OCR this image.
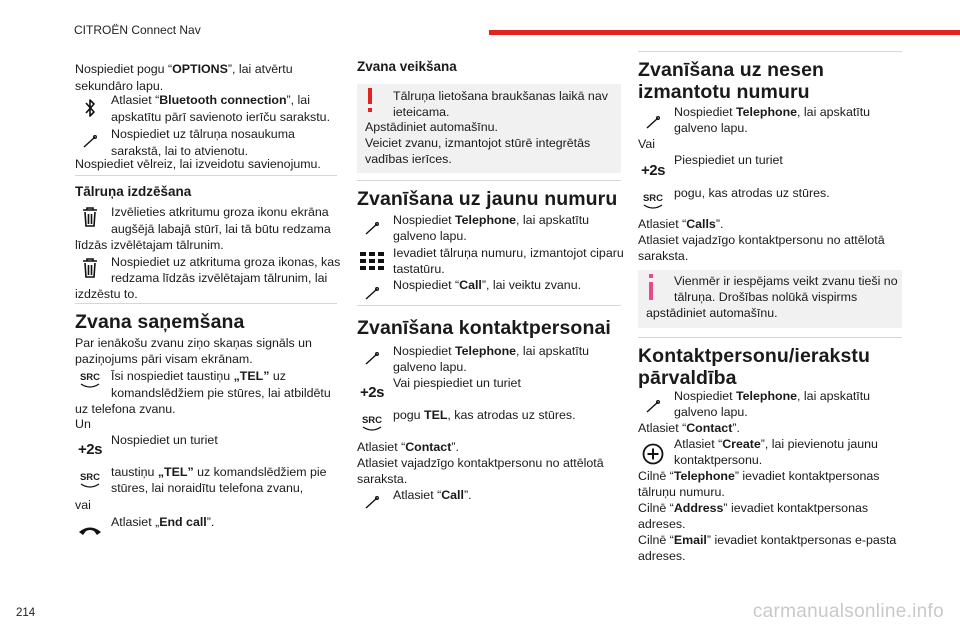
CITROËN Connect Nav
214	carmanualsonline.info
Nospiediet pogu “OPTIONS”, lai atvērtu
sekundāro lapu.
Atlasiet “Bluetooth connection”, lai
apskatītu pārī savienoto ierīču sarakstu.
Nospiediet uz tālruņa nosaukuma
sarakstā, lai to atvienotu.
Nospiediet vēlreiz, lai izveidotu savienojumu.
Tālruņa izdzēšana
Izvēlieties atkritumu groza ikonu ekrāna
augšējā labajā stūrī, lai tā būtu redzama
līdzās izvēlētajam tālrunim.
Nospiediet uz atkrituma groza ikonas, kas
redzama līdzās izvēlētajam tālrunim, lai
izdzēstu to.
Zvana saņemšana
Par ienākošu zvanu ziņo skaņas signāls un
paziņojums pāri visam ekrānam.
SRC Īsi nospiediet taustiņu „TEL” uz
komandslēdžiem pie stūres, lai atbildētu
uz telefona zvanu.
Un
+2s
Nospiediet un turiet
SRC taustiņu „TEL” uz komandslēdžiem pie
stūres, lai noraidītu telefona zvanu,
vai
Atlasiet „End call”.
Zvana veikšana
Tālruņa lietošana braukšanas laikā nav
ieteicama.
Apstādiniet automašīnu.
Veiciet zvanu, izmantojot stūrē integrētās
vadības ierīces.
Zvanīšana uz jaunu numuru
Nospiediet Telephone, lai apskatītu
galveno lapu.
Ievadiet tālruņa numuru, izmantojot ciparu
tastatūru.
Nospiediet “Call”, lai veiktu zvanu.
Zvanīšana kontaktpersonai
Nospiediet Telephone, lai apskatītu
galveno lapu.
+2s
Vai piespiediet un turiet
SRC pogu TEL, kas atrodas uz stūres.
Atlasiet “Contact”.
Atlasiet vajadzīgo kontaktpersonu no attēlotā
saraksta.
Atlasiet “Call”.
Zvanīšana uz nesen
izmantotu numuru
Nospiediet Telephone, lai apskatītu
galveno lapu.
Vai
+2s
Piespiediet un turiet
SRC pogu, kas atrodas uz stūres.
Atlasiet “Calls”.
Atlasiet vajadzīgo kontaktpersonu no attēlotā
saraksta.
Vienmēr ir iespējams veikt zvanu tieši no
tālruņa. Drošības nolūkā vispirms
apstādiniet automašīnu.
Kontaktpersonu/ierakstu
pārvaldība
Nospiediet Telephone, lai apskatītu
galveno lapu.
Atlasiet “Contact”.
Atlasiet “Create”, lai pievienotu jaunu
kontaktpersonu.
Cilnē “Telephone” ievadiet kontaktpersonas
tālruņu numuru.
Cilnē “Address” ievadiet kontaktpersonas
adreses.
Cilnē “Email” ievadiet kontaktpersonas e-pasta
adreses.
